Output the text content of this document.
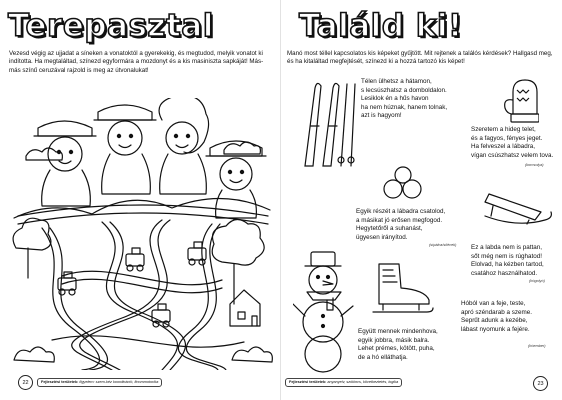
Terepasztal

Vezesd végig az ujjadat a síneken a vonatoktól a gyerekekig, és megtudod, melyik vonatot ki indította. Ha megtaláltad, színezd egyformára a mozdonyt és a kis masiniszta sapkáját! Más-más színű ceruzával rajzold is meg az útvonalukat!

22	Fejlesztési területek: figyelem: szem-kéz koordináció, finommotorika
Találd ki!

Manó most téllel kapcsolatos kis képeket gyűjtött. Mit rejtenek a találós kérdések? Hallgasd meg, és ha kitaláltad megfejtését, színezd ki a hozzá tartozó kis képet!

Télen ülhetsz a hátamon,
s lecsúszhatsz a domboldalon.
Lesiklok én a hűs havon
ha nem húznak, hanem tolnak,
azt is hagyom!
Szeretem a hideg telet,
és a fagyos, fényes jeget.
Ha felveszel a lábadra,
vígan csúszhatsz velem tova.
(korcsolya)
Egyik részét a lábadra csatolod,
a másikat jó erősen megfogod.
Hegytetőről a suhanást,
ügyesen irányítod.
(sípálca/sílécek) Ez a labda nem is pattan,
sőt még nem is rúghatod!
Elolvad, ha kézben tartod,
csatához használhatod.
(hógolyó)
Hóból van a feje, teste,
apró széndarab a szeme.
Seprűt adunk a kezébe,
lábast nyomunk a fejére.
(hóember)
Együtt mennek mindenhova,
egyik jobbra, másik balra.
Lehet prémes, kötött, puha,
de a hó elláthatja.
Fejlesztési területek: anyanyelv, szókincs, következtetés, logika	23
